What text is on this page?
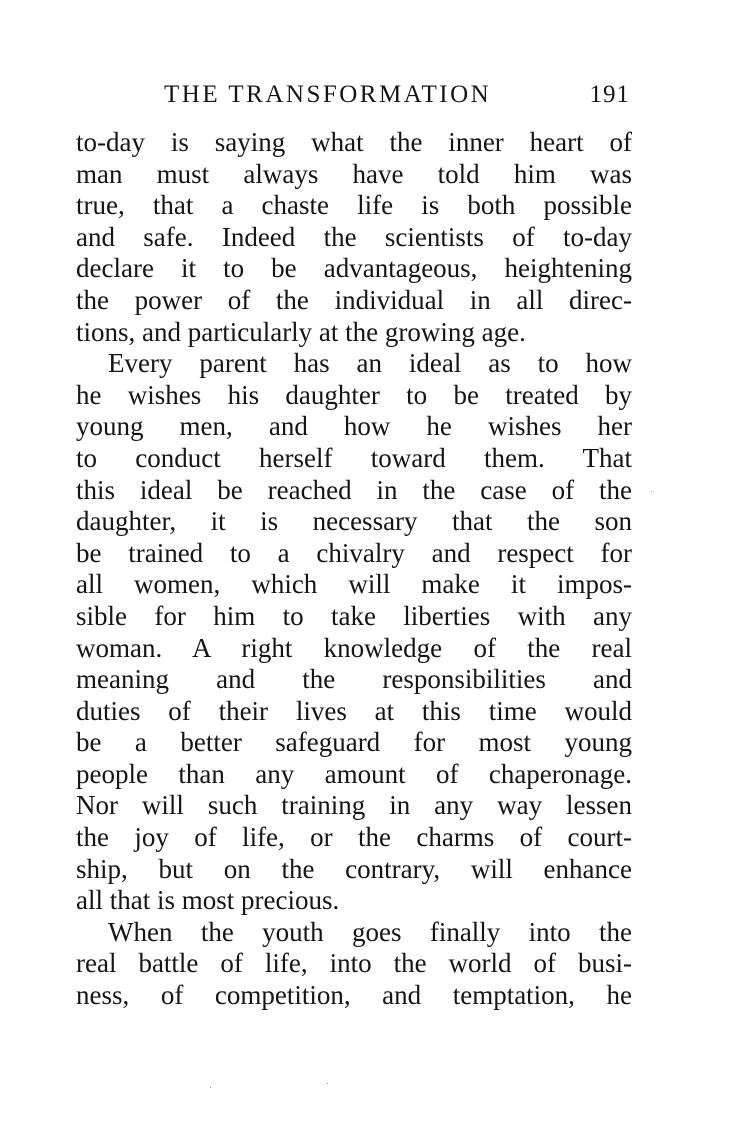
THE TRANSFORMATION	191
to-day is saying what the inner heart of
man must always have told him was
true, that a chaste life is both possible
and safe. Indeed the scientists of to-day
declare it to be advantageous, heightening
the power of the individual in all direc-
tions, and particularly at the growing age.
Every parent has an ideal as to how
he wishes his daughter to be treated by
young men, and how he wishes her
to conduct herself toward them. That
this ideal be reached in the case of the
daughter, it is necessary that the son
be trained to a chivalry and respect for
all women, which will make it impos-
sible for him to take liberties with any
woman. A right knowledge of the real
meaning and the responsibilities and
duties of their lives at this time would
be a better safeguard for most young
people than any amount of chaperonage.
Nor will such training in any way lessen
the joy of life, or the charms of court-
ship, but on the contrary, will enhance
all that is most precious.
When the youth goes finally into the
real battle of life, into the world of busi-
ness, of competition, and temptation, he
